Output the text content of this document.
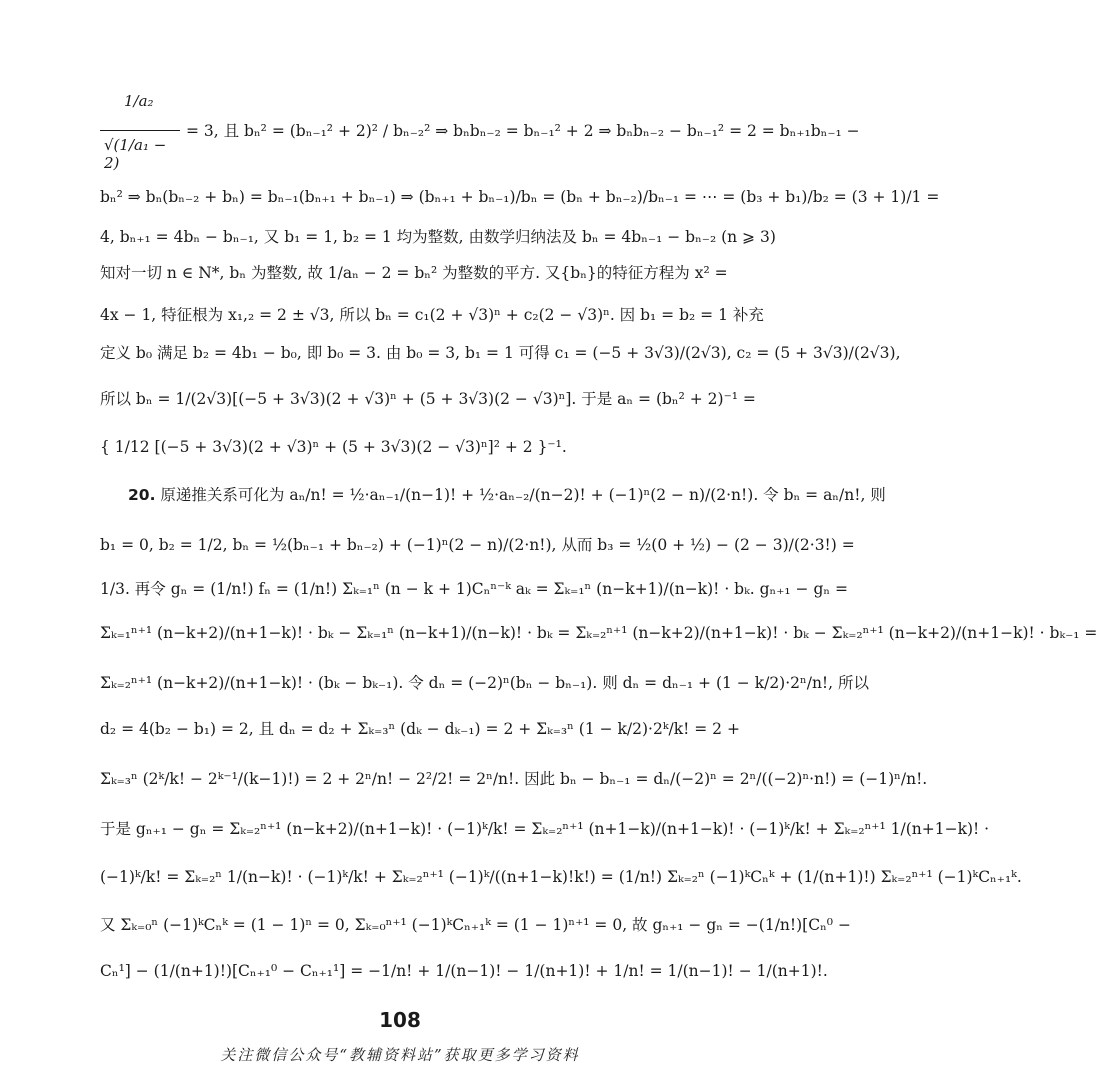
1/a₂
√(1/a₁ − 2)
= 3, 且 bₙ² = (bₙ₋₁² + 2)² / bₙ₋₂² ⇒ bₙbₙ₋₂ = bₙ₋₁² + 2 ⇒ bₙbₙ₋₂ − bₙ₋₁² = 2 = bₙ₊₁bₙ₋₁ −
bₙ² ⇒ bₙ(bₙ₋₂ + bₙ) = bₙ₋₁(bₙ₊₁ + bₙ₋₁) ⇒ (bₙ₊₁ + bₙ₋₁)/bₙ = (bₙ + bₙ₋₂)/bₙ₋₁ = ⋯ = (b₃ + b₁)/b₂ = (3 + 1)/1 =
4, bₙ₊₁ = 4bₙ − bₙ₋₁, 又 b₁ = 1, b₂ = 1 均为整数, 由数学归纳法及 bₙ = 4bₙ₋₁ − bₙ₋₂ (n ⩾ 3)
知对一切 n ∈ N*, bₙ 为整数, 故 1/aₙ − 2 = bₙ² 为整数的平方. 又{bₙ}的特征方程为 x² =
4x − 1, 特征根为 x₁,₂ = 2 ± √3, 所以 bₙ = c₁(2 + √3)ⁿ + c₂(2 − √3)ⁿ. 因 b₁ = b₂ = 1 补充
定义 b₀ 满足 b₂ = 4b₁ − b₀, 即 b₀ = 3. 由 b₀ = 3, b₁ = 1 可得 c₁ = (−5 + 3√3)/(2√3), c₂ = (5 + 3√3)/(2√3),
所以 bₙ = 1/(2√3)[(−5 + 3√3)(2 + √3)ⁿ + (5 + 3√3)(2 − √3)ⁿ]. 于是 aₙ = (bₙ² + 2)⁻¹ =
{ 1/12 [(−5 + 3√3)(2 + √3)ⁿ + (5 + 3√3)(2 − √3)ⁿ]² + 2 }⁻¹.
20. 原递推关系可化为 aₙ/n! = ½·aₙ₋₁/(n−1)! + ½·aₙ₋₂/(n−2)! + (−1)ⁿ(2 − n)/(2·n!). 令 bₙ = aₙ/n!, 则
b₁ = 0, b₂ = 1/2, bₙ = ½(bₙ₋₁ + bₙ₋₂) + (−1)ⁿ(2 − n)/(2·n!), 从而 b₃ = ½(0 + ½) − (2 − 3)/(2·3!) =
1/3. 再令 gₙ = (1/n!) fₙ = (1/n!) Σₖ₌₁ⁿ (n − k + 1)Cₙⁿ⁻ᵏ aₖ = Σₖ₌₁ⁿ (n−k+1)/(n−k)! · bₖ. gₙ₊₁ − gₙ =
Σₖ₌₁ⁿ⁺¹ (n−k+2)/(n+1−k)! · bₖ − Σₖ₌₁ⁿ (n−k+1)/(n−k)! · bₖ = Σₖ₌₂ⁿ⁺¹ (n−k+2)/(n+1−k)! · bₖ − Σₖ₌₂ⁿ⁺¹ (n−k+2)/(n+1−k)! · bₖ₋₁ =
Σₖ₌₂ⁿ⁺¹ (n−k+2)/(n+1−k)! · (bₖ − bₖ₋₁). 令 dₙ = (−2)ⁿ(bₙ − bₙ₋₁). 则 dₙ = dₙ₋₁ + (1 − k/2)·2ⁿ/n!, 所以
d₂ = 4(b₂ − b₁) = 2, 且 dₙ = d₂ + Σₖ₌₃ⁿ (dₖ − dₖ₋₁) = 2 + Σₖ₌₃ⁿ (1 − k/2)·2ᵏ/k! = 2 +
Σₖ₌₃ⁿ (2ᵏ/k! − 2ᵏ⁻¹/(k−1)!) = 2 + 2ⁿ/n! − 2²/2! = 2ⁿ/n!. 因此 bₙ − bₙ₋₁ = dₙ/(−2)ⁿ = 2ⁿ/((−2)ⁿ·n!) = (−1)ⁿ/n!.
于是 gₙ₊₁ − gₙ = Σₖ₌₂ⁿ⁺¹ (n−k+2)/(n+1−k)! · (−1)ᵏ/k! = Σₖ₌₂ⁿ⁺¹ (n+1−k)/(n+1−k)! · (−1)ᵏ/k! + Σₖ₌₂ⁿ⁺¹ 1/(n+1−k)! ·
(−1)ᵏ/k! = Σₖ₌₂ⁿ 1/(n−k)! · (−1)ᵏ/k! + Σₖ₌₂ⁿ⁺¹ (−1)ᵏ/((n+1−k)!k!) = (1/n!) Σₖ₌₂ⁿ (−1)ᵏCₙᵏ + (1/(n+1)!) Σₖ₌₂ⁿ⁺¹ (−1)ᵏCₙ₊₁ᵏ.
又 Σₖ₌₀ⁿ (−1)ᵏCₙᵏ = (1 − 1)ⁿ = 0, Σₖ₌₀ⁿ⁺¹ (−1)ᵏCₙ₊₁ᵏ = (1 − 1)ⁿ⁺¹ = 0, 故 gₙ₊₁ − gₙ = −(1/n!)[Cₙ⁰ −
Cₙ¹] − (1/(n+1)!)[Cₙ₊₁⁰ − Cₙ₊₁¹] = −1/n! + 1/(n−1)! − 1/(n+1)! + 1/n! = 1/(n−1)! − 1/(n+1)!.
108
关注微信公众号“教辅资料站”获取更多学习资料
